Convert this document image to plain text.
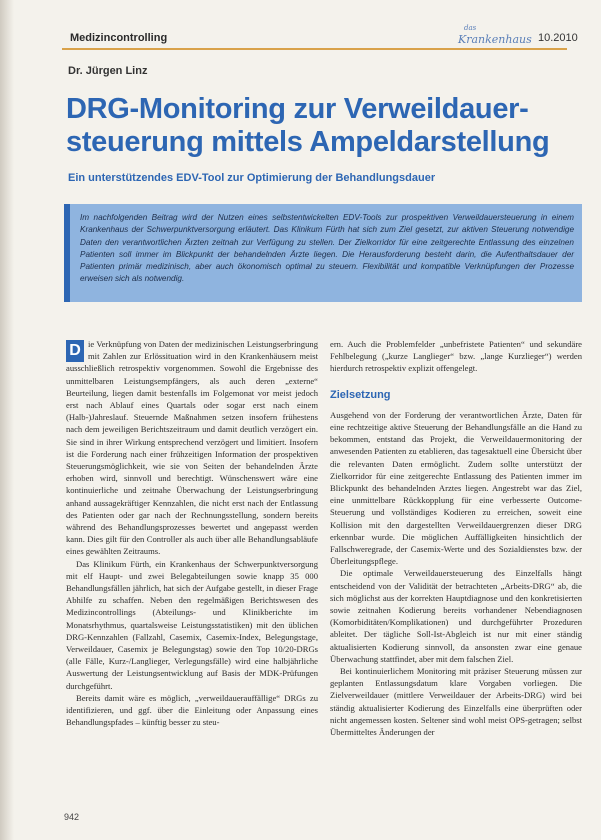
Medizincontrolling
das
Krankenhaus 10.2010
Dr. Jürgen Linz
DRG-Monitoring zur Verweildauer-steuerung mittels Ampeldarstellung
Ein unterstützendes EDV-Tool zur Optimierung der Behandlungsdauer

Im nachfolgenden Beitrag wird der Nutzen eines selbstentwickelten EDV-Tools zur prospektiven Verweildauersteuerung in einem Krankenhaus der Schwerpunktversorgung erläutert. Das Klinikum Fürth hat sich zum Ziel gesetzt, zur aktiven Steuerung notwendige Daten den verantwortlichen Ärzten zeitnah zur Verfügung zu stellen. Der Zielkorridor für eine zeitgerechte Entlassung des einzelnen Patienten soll immer im Blickpunkt der behandelnden Ärzte liegen. Die Herausforderung besteht darin, die Aufenthaltsdauer der Patienten primär medizinisch, aber auch ökonomisch optimal zu steuern. Flexibilität und kompatible Verknüpfungen der Prozesse erweisen sich als notwendig.

D ie Verknüpfung von Daten der medizinischen Leistungserbringung mit Zahlen zur Erlössituation wird in den Krankenhäusern meist ausschließlich retrospektiv vorgenommen. Sowohl die Ergebnisse des unmittelbaren Leistungsempfängers, als auch deren „externe“ Beurteilung, liegen damit bestenfalls im Folgemonat vor meist jedoch erst nach Ablauf eines Quartals oder sogar erst nach einem (Halb-)Jahreslauf. Steuernde Maßnahmen setzen insofern frühestens nach dem jeweiligen Berichtszeitraum und damit deutlich verzögert ein. Sie sind in ihrer Wirkung entsprechend verzögert und limitiert. Insofern ist die Forderung nach einer frühzeitigen Information der prospektiven Steuerungsmöglichkeit, wie sie von Seiten der behandelnden Ärzte erhoben wird, sinnvoll und berechtigt. Wünschenswert wäre eine kontinuierliche und zeitnahe Überwachung der Leistungserbringung anhand aussagekräftiger Kennzahlen, die nicht erst nach der Entlassung des Patienten oder gar nach der Rechnungsstellung, sondern bereits während des Behandlungsprozesses bewertet und angepasst werden kann. Dies gilt für den Controller als auch über alle Behandlungsabläufe eines gewählten Zeitraums.

Das Klinikum Fürth, ein Krankenhaus der Schwerpunktversorgung mit elf Haupt- und zwei Belegabteilungen sowie knapp 35 000 Behandlungsfällen jährlich, hat sich der Aufgabe gestellt, in dieser Frage Abhilfe zu schaffen. Neben den regelmäßigen Berichtswesen des Medizincontrollings (Abteilungs- und Klinikberichte im Monatsrhythmus, quartalsweise Leistungsstatistiken) mit den üblichen DRG-Kennzahlen (Fallzahl, Casemix, Casemix-Index, Belegungstage, Verweildauer, Casemix je Belegungstag) sowie den Top 10/20-DRGs (alle Fälle, Kurz-/Langlieger, Verlegungsfälle) wird eine halbjährliche Auswertung der Leistungsentwicklung auf Basis der MDK-Prüfungen durchgeführt.

Bereits damit wäre es möglich, „verweildauerauffällige“ DRGs zu identifizieren, und ggf. über die Einleitung oder Anpassung eines Behandlungspfades – künftig besser zu steu-

ern. Auch die Problemfelder „unbefristete Patienten“ und sekundäre Fehlbelegung („kurze Langlieger“ bzw. „lange Kurzlieger“) werden hierdurch retrospektiv explizit offengelegt.

Zielsetzung

Ausgehend von der Forderung der verantwortlichen Ärzte, Daten für eine rechtzeitige aktive Steuerung der Behandlungsfälle an die Hand zu bekommen, entstand das Projekt, die Verweildauermonitoring der anwesenden Patienten zu etablieren, das tagesaktuell eine Übersicht über die relevanten Daten ermöglicht. Zudem sollte unterstützt der Zielkorridor für eine zeitgerechte Entlassung des Patienten immer im Blickpunkt des behandelnden Arztes liegen. Angestrebt war das Ziel, eine unmittelbare Rückkopplung für eine verbesserte Outcome-Steuerung und vollständiges Kodieren zu erreichen, soweit eine Kollision mit den dargestellten Verweildauergrenzen dieser DRG erkennbar wurde. Die möglichen Auffälligkeiten hinsichtlich der Fallschweregrade, der Casemix-Werte und des Sozialdienstes bzw. der Überleitungspflege.

Die optimale Verweildauersteuerung des Einzelfalls hängt entscheidend von der Validität der betrachteten „Arbeits-DRG“ ab, die sich möglichst aus der korrekten Hauptdiagnose und den konkretisierten sowie zeitnahen Kodierung bereits vorhandener Nebendiagnosen (Komorbiditäten/Komplikationen) und durchgeführter Prozeduren ableitet. Der tägliche Soll-Ist-Abgleich ist nur mit einer ständig aktualisierten Kodierung sinnvoll, da ansonsten zwar eine genaue Überwachung stattfindet, aber mit dem falschen Ziel.

Bei kontinuierlichem Monitoring mit präziser Steuerung müssen zur geplanten Entlassungsdatum klare Vorgaben vorliegen. Die Zielverweildauer (mittlere Verweildauer der Arbeits-DRG) wird bei ständig aktualisierter Kodierung des Einzelfalls eine überprüften oder nicht angemessen kosten. Seltener sind wohl meist OPS-getragen; selbst Übermitteltes Änderungen der

942
